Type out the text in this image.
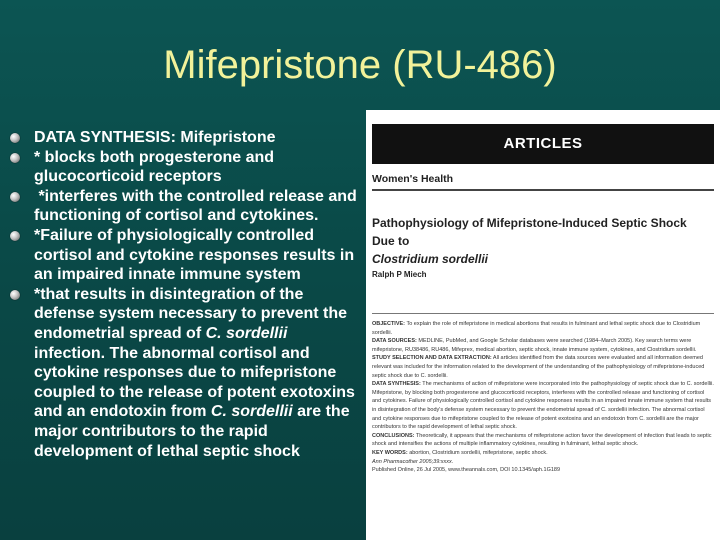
Mifepristone (RU-486)

DATA SYNTHESIS: Mifepristone

* blocks both progesterone and glucocorticoid receptors

*interferes with the controlled release and functioning of cortisol and cytokines.

*Failure of physiologically controlled cortisol and cytokine responses results in an impaired innate immune system

*that results in disintegration of the defense system necessary to prevent the endometrial spread of C. sordellii infection. The abnormal cortisol and cytokine responses due to mifepristone coupled to the release of potent exotoxins and an endotoxin from C. sordellii are the major contributors to the rapid development of lethal septic shock

ARTICLES
Women's Health
Pathophysiology of Mifepristone-Induced Septic Shock Due to
Clostridium sordellii
Ralph P Miech
OBJECTIVE: To explain the role of mifepristone in medical abortions that results in fulminant and lethal septic shock due to Clostridium sordellii.
DATA SOURCES: MEDLINE, PubMed, and Google Scholar databases were searched (1984–March 2005). Key search terms were mifepristone, RU38486, RU486, Mifeprex, medical abortion, septic shock, innate immune system, cytokines, and Clostridium sordellii.
STUDY SELECTION AND DATA EXTRACTION: All articles identified from the data sources were evaluated and all information deemed relevant was included for the information related to the development of the understanding of the pathophysiology of mifepristone-induced septic shock due to C. sordellii.
DATA SYNTHESIS: The mechanisms of action of mifepristone were incorporated into the pathophysiology of septic shock due to C. sordellii. Mifepristone, by blocking both progesterone and glucocorticoid receptors, interferes with the controlled release and functioning of cortisol and cytokines. Failure of physiologically controlled cortisol and cytokine responses results in an impaired innate immune system that results in disintegration of the body's defense system necessary to prevent the endometrial spread of C. sordellii infection. The abnormal cortisol and cytokine responses due to mifepristone coupled to the release of potent exotoxins and an endotoxin from C. sordellii are the major contributors to the rapid development of lethal septic shock.
CONCLUSIONS: Theoretically, it appears that the mechanisms of mifepristone action favor the development of infection that leads to septic shock and intensifies the actions of multiple inflammatory cytokines, resulting in fulminant, lethal septic shock.
KEY WORDS: abortion, Clostridium sordellii, mifepristone, septic shock.
Ann Pharmacother 2005;39:xxxx.
Published Online, 26 Jul 2005, www.theannals.com, DOI 10.1345/aph.1G189
